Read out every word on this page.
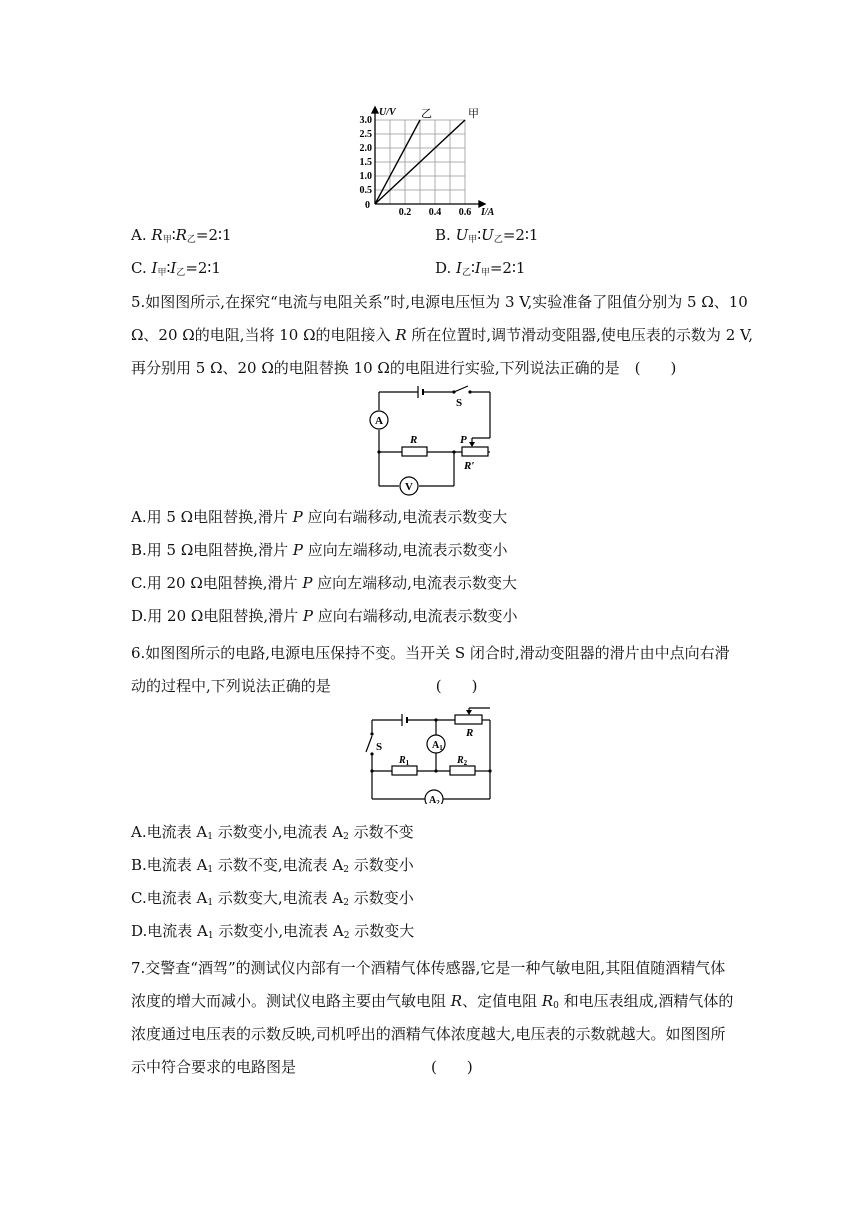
U/V
I/A
0
3.0
2.5
2.0
1.5
1.0
0.5
0.2 0.4 0.6
乙	甲
A. $R_甲∶R_乙=2∶1$	B. $U_甲∶U_乙=2∶1$
C. $I_甲∶I_乙=2∶1$	D. $I_乙∶I_甲=2∶1$
5.如图图所示,在探究“电流与电阻关系”时,电源电压恒为 3 V,实验准备了阻值分别为 5 Ω、10
Ω、20 Ω的电阻,当将 10 Ω的电阻接入 R 所在位置时,调节滑动变阻器,使电压表的示数为 2 V,
再分别用 5 Ω、20 Ω的电阻替换 10 Ω的电阻进行实验,下列说法正确的是　(　　)
S
A
R	P
R′
V
A.用 5 Ω电阻替换,滑片 P 应向右端移动,电流表示数变大
B.用 5 Ω电阻替换,滑片 P 应向左端移动,电流表示数变小
C.用 20 Ω电阻替换,滑片 P 应向左端移动,电流表示数变大
D.用 20 Ω电阻替换,滑片 P 应向右端移动,电流表示数变小
6.如图图所示的电路,电源电压保持不变。当开关 S 闭合时,滑动变阻器的滑片由中点向右滑
动的过程中,下列说法正确的是　　　　　　　(　　)
S
R
$A_1$
$R_1$	$R_2$
$A_2$
A.电流表 $A_1$ 示数变小,电流表 $A_2$ 示数不变
B.电流表 $A_1$ 示数不变,电流表 $A_2$ 示数变小
C.电流表 $A_1$ 示数变大,电流表 $A_2$ 示数变小
D.电流表 $A_1$ 示数变小,电流表 $A_2$ 示数变大
7.交警查“酒驾”的测试仪内部有一个酒精气体传感器,它是一种气敏电阻,其阻值随酒精气体
浓度的增大而减小。测试仪电路主要由气敏电阻 R、定值电阻 $R_0$ 和电压表组成,酒精气体的
浓度通过电压表的示数反映,司机呼出的酒精气体浓度越大,电压表的示数就越大。如图图所
示中符合要求的电路图是　　　　　　　　　(　　)
